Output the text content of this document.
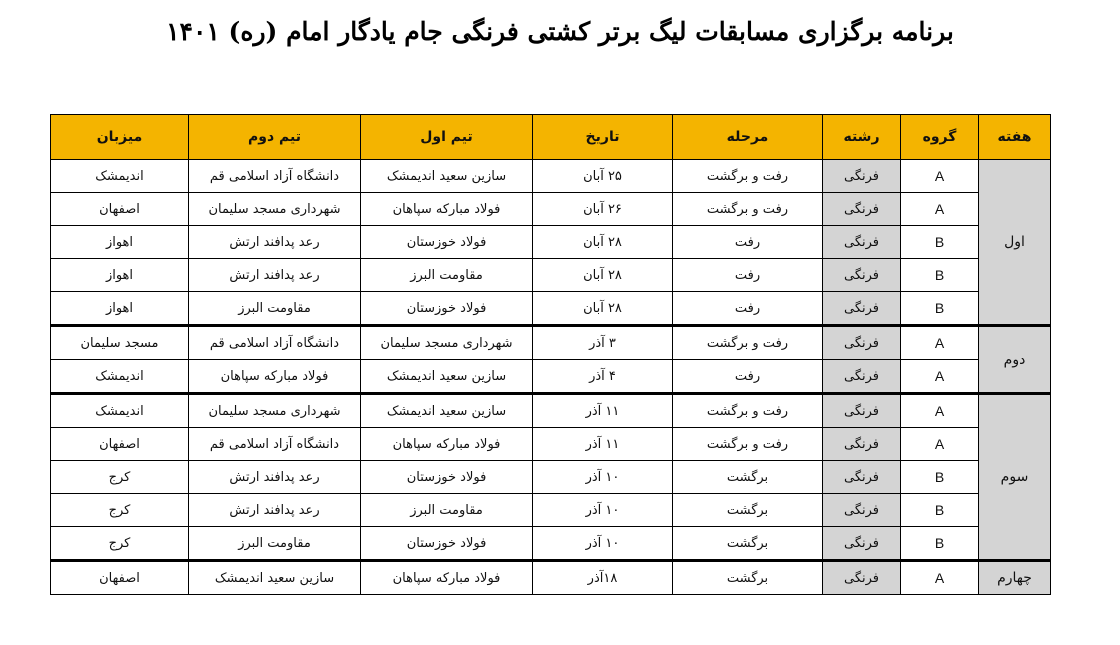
برنامه برگزاری مسابقات لیگ برتر کشتی فرنگی جام یادگار امام (ره) ۱۴۰۱
هفته	گروه	رشته	مرحله	تاریخ	تیم اول	تیم دوم	میزبان
اول	A	فرنگی	رفت و برگشت	۲۵ آبان	سازین سعید اندیمشک	دانشگاه آزاد اسلامی قم	اندیمشک
	A	فرنگی	رفت و برگشت	۲۶ آبان	فولاد مبارکه سپاهان	شهرداری مسجد سلیمان	اصفهان
	B	فرنگی	رفت	۲۸ آبان	فولاد خوزستان	رعد پدافند ارتش	اهواز
	B	فرنگی	رفت	۲۸ آبان	مقاومت البرز	رعد پدافند ارتش	اهواز
	B	فرنگی	رفت	۲۸ آبان	فولاد خوزستان	مقاومت البرز	اهواز
دوم	A	فرنگی	رفت و برگشت	۳ آذر	شهرداری مسجد سلیمان	دانشگاه آزاد اسلامی قم	مسجد سلیمان
	A	فرنگی	رفت	۴ آذر	سازین سعید اندیمشک	فولاد مبارکه سپاهان	اندیمشک
سوم	A	فرنگی	رفت و برگشت	۱۱ آذر	سازین سعید اندیمشک	شهرداری مسجد سلیمان	اندیمشک
	A	فرنگی	رفت و برگشت	۱۱ آذر	فولاد مبارکه سپاهان	دانشگاه آزاد اسلامی قم	اصفهان
	B	فرنگی	برگشت	۱۰ آذر	فولاد خوزستان	رعد پدافند ارتش	کرج
	B	فرنگی	برگشت	۱۰ آذر	مقاومت البرز	رعد پدافند ارتش	کرج
	B	فرنگی	برگشت	۱۰ آذر	فولاد خوزستان	مقاومت البرز	کرج
چهارم	A	فرنگی	برگشت	۱۸آذر	فولاد مبارکه سپاهان	سازین سعید اندیمشک	اصفهان
